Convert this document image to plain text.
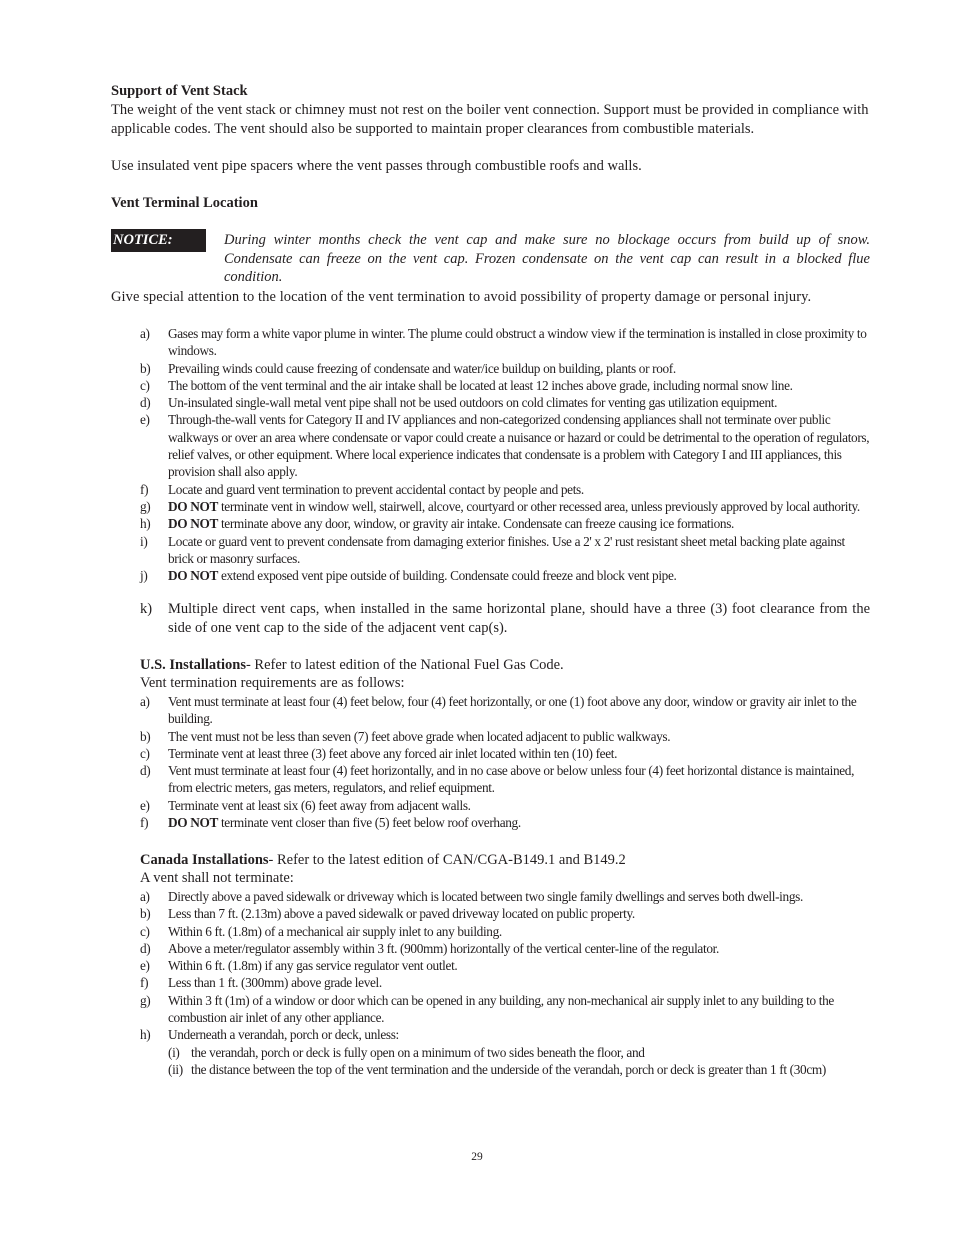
Support of Vent Stack
The weight of the vent stack or chimney must not rest on the boiler vent connection. Support must be provided in compliance with applicable codes. The vent should also be supported to maintain proper clearances from combustible materials.
Use insulated vent pipe spacers where the vent passes through combustible roofs and walls.
Vent Terminal Location
NOTICE:	During winter months check the vent cap and make sure no blockage occurs from build up of snow. Condensate can freeze on the vent cap. Frozen condensate on the vent cap can result in a blocked flue condition.
Give special attention to the location of the vent termination to avoid possibility of property damage or personal injury.
a)	Gases may form a white vapor plume in winter. The plume could obstruct a window view if the termination is installed in close proximity to windows.
b)	Prevailing winds could cause freezing of condensate and water/ice buildup on building, plants or roof.
c)	The bottom of the vent terminal and the air intake shall be located at least 12 inches above grade, including normal snow line.
d)	Un-insulated single-wall metal vent pipe shall not be used outdoors on cold climates for venting gas utilization equipment.
e)	Through-the-wall vents for Category II and IV appliances and non-categorized condensing appliances shall not terminate over public walkways or over an area where condensate or vapor could create a nuisance or hazard or could be detrimental to the operation of regulators, relief valves, or other equipment. Where local experience indicates that condensate is a problem with Category I and III appliances, this provision shall also apply.
f)	Locate and guard vent termination to prevent accidental contact by people and pets.
g)	DO NOT terminate vent in window well, stairwell, alcove, courtyard or other recessed area, unless previously approved by local authority.
h)	DO NOT terminate above any door, window, or gravity air intake. Condensate can freeze causing ice formations.
i)	Locate or guard vent to prevent condensate from damaging exterior finishes. Use a 2' x 2' rust resistant sheet metal backing plate against brick or masonry surfaces.
j)	DO NOT extend exposed vent pipe outside of building. Condensate could freeze and block vent pipe.
k)	Multiple direct vent caps, when installed in the same horizontal plane, should have a three (3) foot clearance from the side of one vent cap to the side of the adjacent vent cap(s).
U.S. Installations- Refer to latest edition of the National Fuel Gas Code.
Vent termination requirements are as follows:
a)	Vent must terminate at least four (4) feet below, four (4) feet horizontally, or one (1) foot above any door, window or gravity air inlet to the building.
b)	The vent must not be less than seven (7) feet above grade when located adjacent to public walkways.
c)	Terminate vent at least three (3) feet above any forced air inlet located within ten (10) feet.
d)	Vent must terminate at least four (4) feet horizontally, and in no case above or below unless four (4) feet horizontal distance is maintained, from electric meters, gas meters, regulators, and relief equipment.
e)	Terminate vent at least six (6) feet away from adjacent walls.
f)	DO NOT terminate vent closer than five (5) feet below roof overhang.
Canada Installations- Refer to the latest edition of CAN/CGA-B149.1 and B149.2
A vent shall not terminate:
a)	Directly above a paved sidewalk or driveway which is located between two single family dwellings and serves both dwell-ings.
b)	Less than 7 ft. (2.13m) above a paved sidewalk or paved driveway located on public property.
c)	Within 6 ft. (1.8m) of a mechanical air supply inlet to any building.
d)	Above a meter/regulator assembly within 3 ft. (900mm) horizontally of the vertical center-line of the regulator.
e)	Within 6 ft. (1.8m) if any gas service regulator vent outlet.
f)	Less than 1 ft. (300mm) above grade level.
g)	Within 3 ft (1m) of a window or door which can be opened in any building, any non-mechanical air supply inlet to any building to the combustion air inlet of any other appliance.
h)	Underneath a verandah, porch or deck, unless:
(i) the verandah, porch or deck is fully open on a minimum of two sides beneath the floor, and
(ii) the distance between the top of the vent termination and the underside of the verandah, porch or deck is greater than 1 ft (30cm)
29
